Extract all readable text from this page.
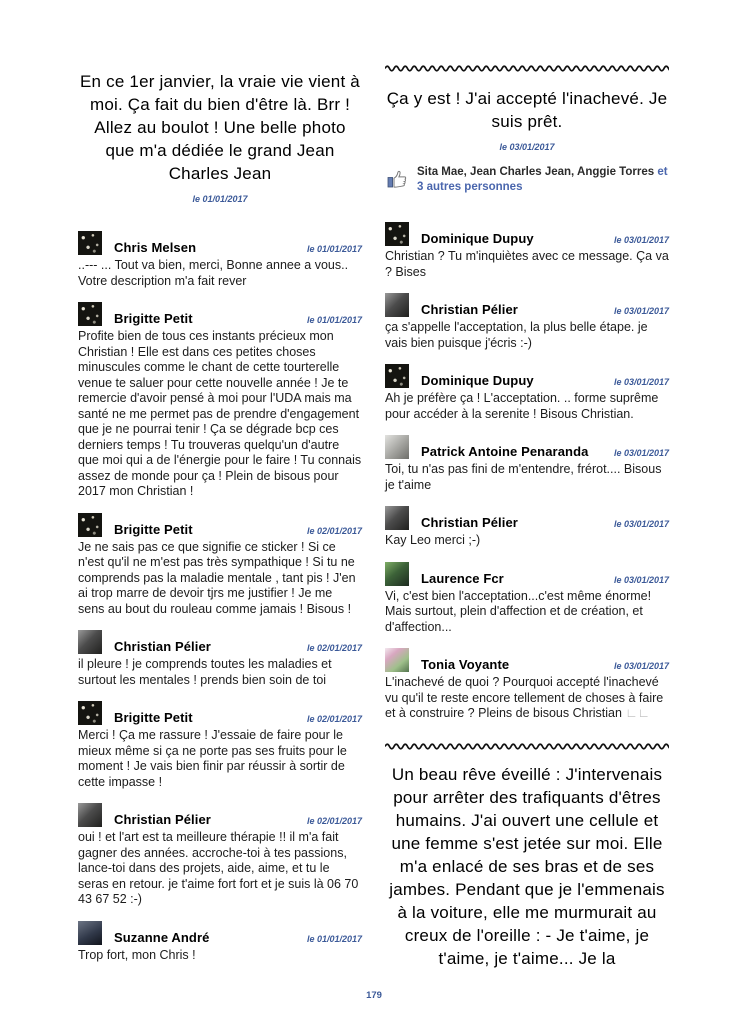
En ce 1er janvier, la vraie vie vient à moi. Ça fait du bien d'être là. Brr ! Allez au boulot ! Une belle photo que m'a dédiée le grand Jean Charles Jean
le 01/01/2017
Chris Melsen	le 01/01/2017
..--- ... Tout va bien, merci, Bonne annee a vous.. Votre description m'a fait rever
Brigitte Petit	le 01/01/2017
Profite bien de tous ces instants précieux mon Christian ! Elle est dans ces petites choses minuscules comme le chant de cette tourterelle venue te saluer pour cette nouvelle année ! Je te remercie d'avoir pensé à moi pour l'UDA mais ma santé ne me permet pas de prendre d'engagement que je ne pourrai tenir ! Ça se dégrade bcp ces derniers temps ! Tu trouveras quelqu'un d'autre que moi qui a de l'énergie pour le faire ! Tu connais assez de monde pour ça ! Plein de bisous pour 2017 mon Christian !
Brigitte Petit	le 02/01/2017
Je ne sais pas ce que signifie ce sticker ! Si ce n'est qu'il ne m'est pas très sympathique ! Si tu ne comprends pas la maladie mentale , tant pis ! J'en ai trop marre de devoir tjrs me justifier ! Je me sens au bout du rouleau comme jamais ! Bisous !
Christian Pélier	le 02/01/2017
il pleure ! je comprends toutes les maladies et surtout les mentales ! prends bien soin de toi
Brigitte Petit	le 02/01/2017
Merci ! Ça me rassure ! J'essaie de faire pour le mieux même si ça ne porte pas ses fruits pour le moment ! Je vais bien finir par réussir à sortir de cette impasse !
Christian Pélier	le 02/01/2017
oui ! et l'art est ta meilleure thérapie !! il m'a fait gagner des années. accroche-toi à tes passions, lance-toi dans des projets, aide, aime, et tu le seras en retour. je t'aime fort fort et je suis là 06 70 43 67 52 :-)
Suzanne André	le 01/01/2017
Trop fort, mon Chris !
Ça y est ! J'ai accepté l'inachevé. Je suis prêt.
le 03/01/2017
Sita Mae, Jean Charles Jean, Anggie Torres et 3 autres personnes
Dominique Dupuy	le 03/01/2017
Christian ? Tu m'inquiètes avec ce message. Ça va ? Bises
Christian Pélier	le 03/01/2017
ça s'appelle l'acceptation, la plus belle étape. je vais bien puisque j'écris :-)
Dominique Dupuy	le 03/01/2017
Ah je préfère ça ! L'acceptation. .. forme suprême pour accéder à la serenite ! Bisous Christian.
Patrick Antoine Penaranda	le 03/01/2017
Toi, tu n'as pas fini de m'entendre, frérot.... Bisous je t'aime
Christian Pélier	le 03/01/2017
Kay Leo merci ;-)
Laurence Fcr	le 03/01/2017
Vi, c'est bien l'acceptation...c'est même énorme! Mais surtout, plein d'affection et de création, et d'affection...
Tonia Voyante	le 03/01/2017
L'inachevé de quoi ? Pourquoi accepté l'inachevé vu qu'il te reste encore tellement de choses à faire et à construire ? Pleins de bisous Christian ∟∟
Un beau rêve éveillé : J'intervenais pour arrêter des trafiquants d'êtres humains. J'ai ouvert une cellule et une femme s'est jetée sur moi. Elle m'a enlacé de ses bras et de ses jambes. Pendant que je l'emmenais à la voiture, elle me murmurait au creux de l'oreille : - Je t'aime, je t'aime, je t'aime... Je la
179
